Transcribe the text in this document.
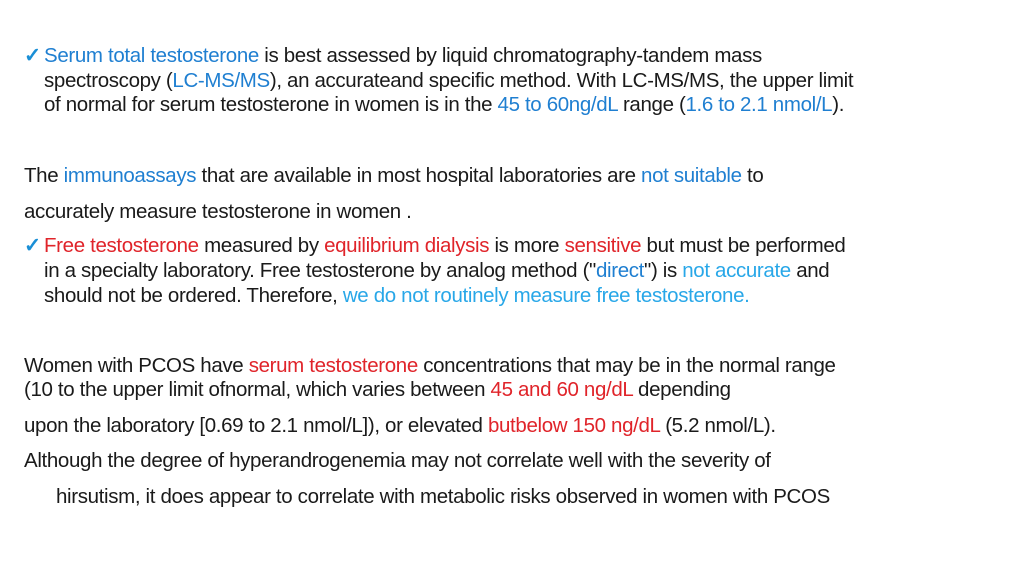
✓ Serum total testosterone is best assessed by liquid chromatography-tandem mass
spectroscopy (LC-MS/MS), an accurateand specific method. With LC-MS/MS, the upper limit
of normal for serum testosterone in women is in the 45 to 60ng/dL range (1.6 to 2.1 nmol/L).
The immunoassays that are available in most hospital laboratories are not suitable to
accurately measure testosterone in women .
✓ Free testosterone measured by equilibrium dialysis is more sensitive but must be performed
in a specialty laboratory. Free testosterone by analog method ("direct") is not accurate and
should not be ordered. Therefore, we do not routinely measure free testosterone.
Women with PCOS have serum testosterone concentrations that may be in the normal range
(10 to the upper limit ofnormal, which varies between 45 and 60 ng/dL depending
upon the laboratory [0.69 to 2.1 nmol/L]), or elevated butbelow 150 ng/dL (5.2 nmol/L).
Although the degree of hyperandrogenemia may not correlate well with the severity of
hirsutism, it does appear to correlate with metabolic risks observed in women with PCOS
